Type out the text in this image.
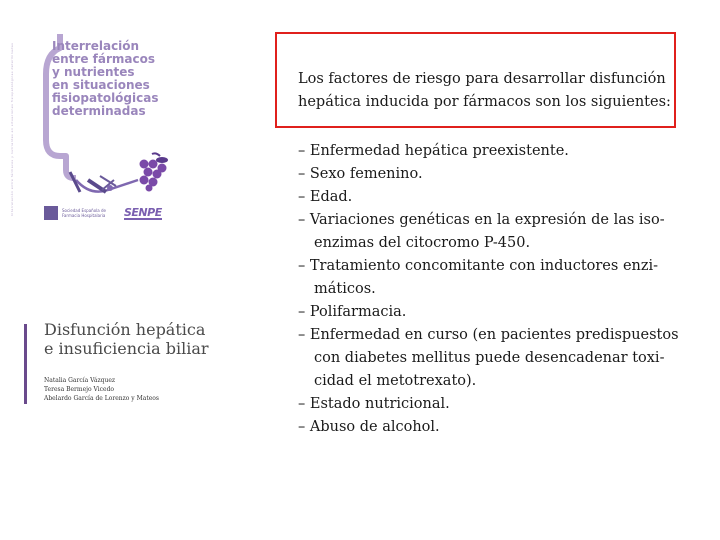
Interrelación entre fármacos y nutrientes en situaciones fisiopatológicas determinadas	Interrelación
entre fármacos
y nutrientes
en situaciones
fisiopatológicas
determinadas
Sociedad Española de Farmacia Hospitalaria	SENPE
Disfunción hepática
e insuficiencia biliar
Natalia García Vázquez
Teresa Bermejo Vicedo
Abelardo García de Lorenzo y Mateos
Los factores de riesgo para desarrollar disfunción
hepática inducida por fármacos son los siguientes:
– Enfermedad hepática preexistente.
– Sexo femenino.
– Edad.
– Variaciones genéticas en la expresión de las iso-
enzimas del citocromo P-450.
– Tratamiento concomitante con inductores enzi-
máticos.
– Polifarmacia.
– Enfermedad en curso (en pacientes predispuestos
con diabetes mellitus puede desencadenar toxi-
cidad el metotrexato).
– Estado nutricional.
– Abuso de alcohol.
